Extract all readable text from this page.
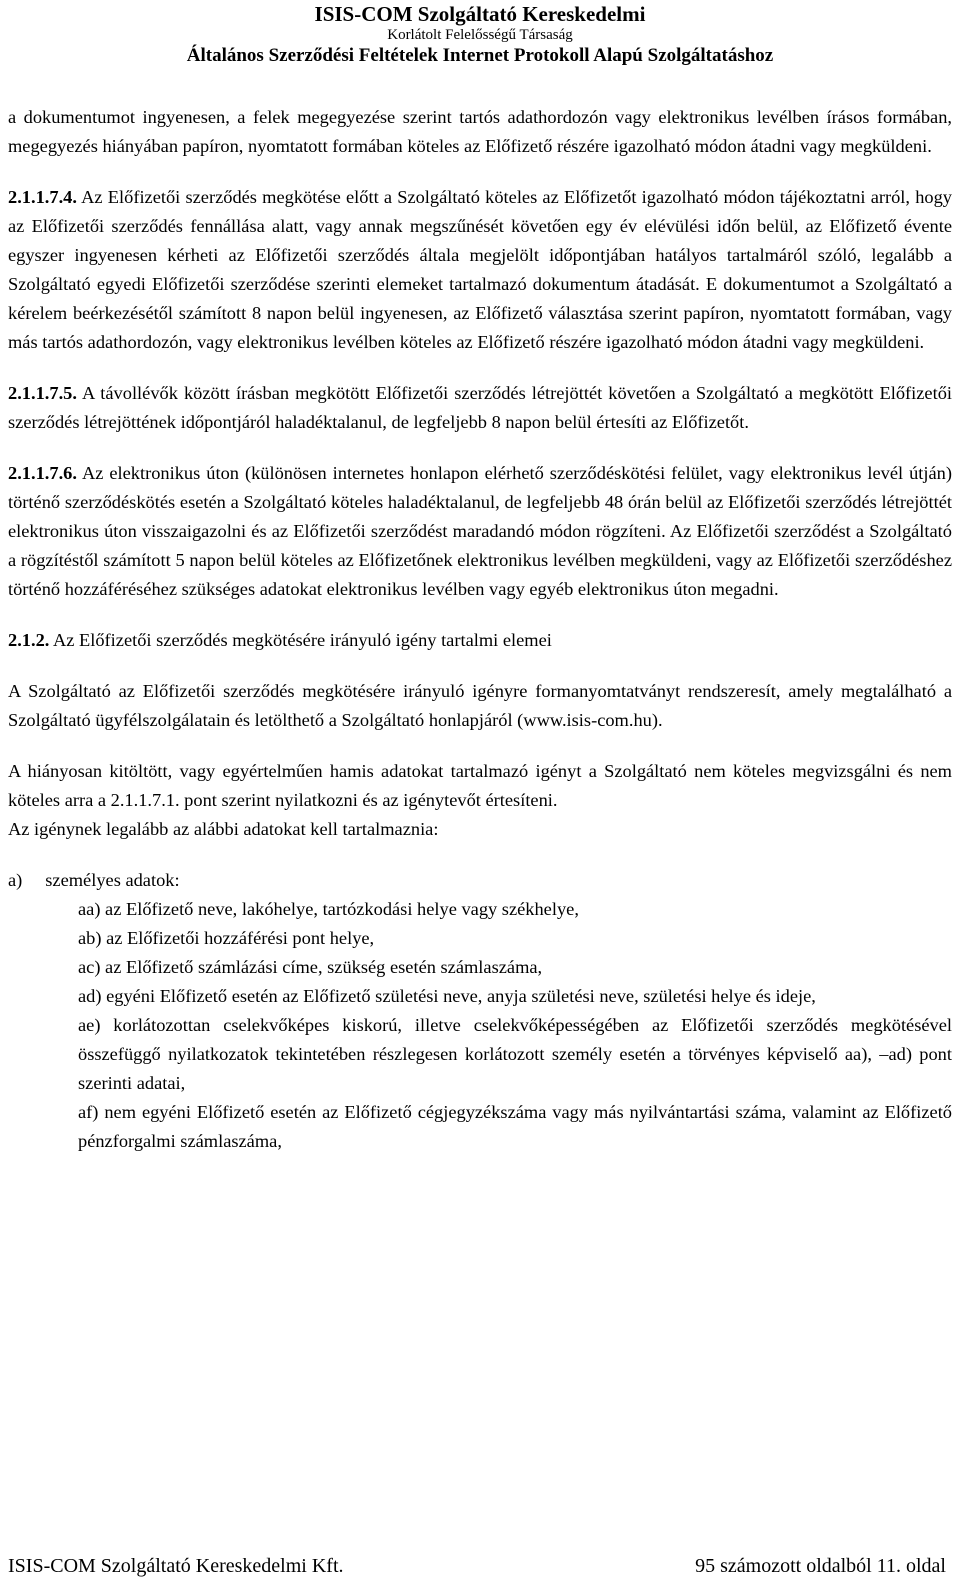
ISIS-COM Szolgáltató Kereskedelmi
Korlátolt Felelősségű Társaság
Általános Szerződési Feltételek Internet Protokoll Alapú Szolgáltatáshoz

a dokumentumot ingyenesen, a felek megegyezése szerint tartós adathordozón vagy elektronikus levélben írásos formában, megegyezés hiányában papíron, nyomtatott formában köteles az Előfizető részére igazolható módon átadni vagy megküldeni.

2.1.1.7.4. Az Előfizetői szerződés megkötése előtt a Szolgáltató köteles az Előfizetőt igazolható módon tájékoztatni arról, hogy az Előfizetői szerződés fennállása alatt, vagy annak megszűnését követően egy év elévülési időn belül, az Előfizető évente egyszer ingyenesen kérheti az Előfizetői szerződés általa megjelölt időpontjában hatályos tartalmáról szóló, legalább a Szolgáltató egyedi Előfizetői szerződése szerinti elemeket tartalmazó dokumentum átadását. E dokumentumot a Szolgáltató a kérelem beérkezésétől számított 8 napon belül ingyenesen, az Előfizető választása szerint papíron, nyomtatott formában, vagy más tartós adathordozón, vagy elektronikus levélben köteles az Előfizető részére igazolható módon átadni vagy megküldeni.

2.1.1.7.5. A távollévők között írásban megkötött Előfizetői szerződés létrejöttét követően a Szolgáltató a megkötött Előfizetői szerződés létrejöttének időpontjáról haladéktalanul, de legfeljebb 8 napon belül értesíti az Előfizetőt.

2.1.1.7.6. Az elektronikus úton (különösen internetes honlapon elérhető szerződéskötési felület, vagy elektronikus levél útján) történő szerződéskötés esetén a Szolgáltató köteles haladéktalanul, de legfeljebb 48 órán belül az Előfizetői szerződés létrejöttét elektronikus úton visszaigazolni és az Előfizetői szerződést maradandó módon rögzíteni. Az Előfizetői szerződést a Szolgáltató a rögzítéstől számított 5 napon belül köteles az Előfizetőnek elektronikus levélben megküldeni, vagy az Előfizetői szerződéshez történő hozzáféréséhez szükséges adatokat elektronikus levélben vagy egyéb elektronikus úton megadni.

2.1.2. Az Előfizetői szerződés megkötésére irányuló igény tartalmi elemei

A Szolgáltató az Előfizetői szerződés megkötésére irányuló igényre formanyomtatványt rendszeresít, amely megtalálható a Szolgáltató ügyfélszolgálatain és letölthető a Szolgáltató honlapjáról (www.isis-com.hu).

A hiányosan kitöltött, vagy egyértelműen hamis adatokat tartalmazó igényt a Szolgáltató nem köteles megvizsgálni és nem köteles arra a 2.1.1.7.1. pont szerint nyilatkozni és az igénytevőt értesíteni.

Az igénynek legalább az alábbi adatokat kell tartalmaznia:

a)  személyes adatok:

aa) az Előfizető neve, lakóhelye, tartózkodási helye vagy székhelye,

ab) az Előfizetői hozzáférési pont helye,

ac) az Előfizető számlázási címe, szükség esetén számlaszáma,

ad) egyéni Előfizető esetén az Előfizető születési neve, anyja születési neve, születési helye és ideje,

ae) korlátozottan cselekvőképes kiskorú, illetve cselekvőképességében az Előfizetői szerződés megkötésével összefüggő nyilatkozatok tekintetében részlegesen korlátozott személy esetén a törvényes képviselő aa), –ad) pont szerinti adatai,

af) nem egyéni Előfizető esetén az Előfizető cégjegyzékszáma vagy más nyilvántartási száma, valamint az Előfizető pénzforgalmi számlaszáma,

ISIS-COM Szolgáltató Kereskedelmi Kft.	95 számozott oldalból 11. oldal
